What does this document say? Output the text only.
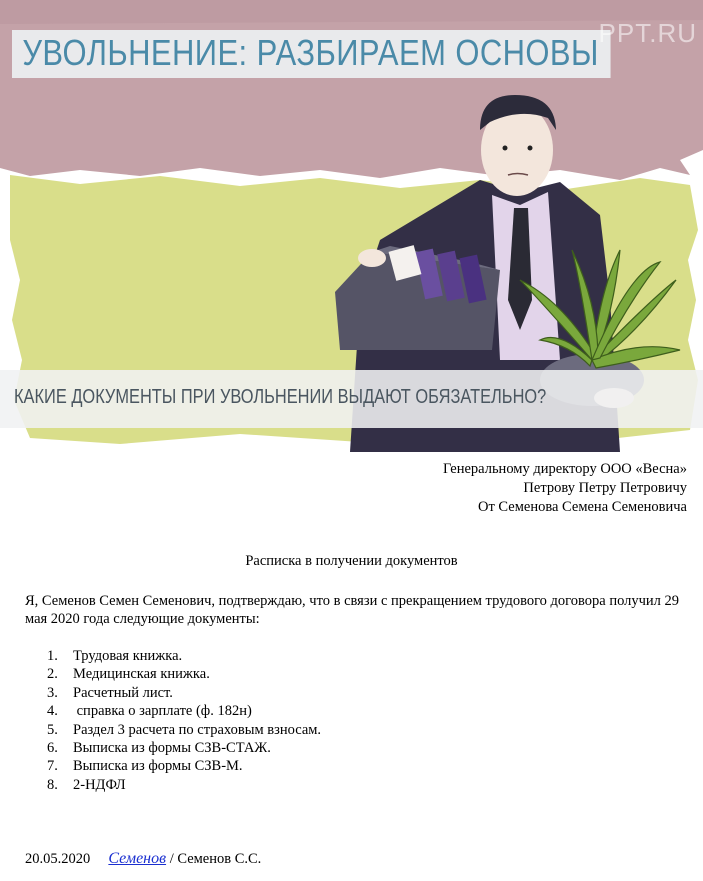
УВОЛЬНЕНИЕ: РАЗБИРАЕМ ОСНОВЫ PPT.RU
КАКИЕ ДОКУМЕНТЫ ПРИ УВОЛЬНЕНИИ ВЫДАЮТ ОБЯЗАТЕЛЬНО?
Генеральному директору ООО «Весна»
Петрову Петру Петровичу
От Семенова Семена Семеновича
Расписка в получении документов
Я, Семенов Семен Семенович, подтверждаю, что в связи с прекращением трудового договора получил 29 мая 2020 года следующие документы:
1.	Трудовая книжка.
2.	Медицинская книжка.
3.	Расчетный лист.
4.	справка о зарплате (ф. 182н)
5.	Раздел 3 расчета по страховым взносам.
6.	Выписка из формы СЗВ-СТАЖ.
7.	Выписка из формы СЗВ-М.
8.	2-НДФЛ
20.05.2020 Семенов / Семенов С.С.
